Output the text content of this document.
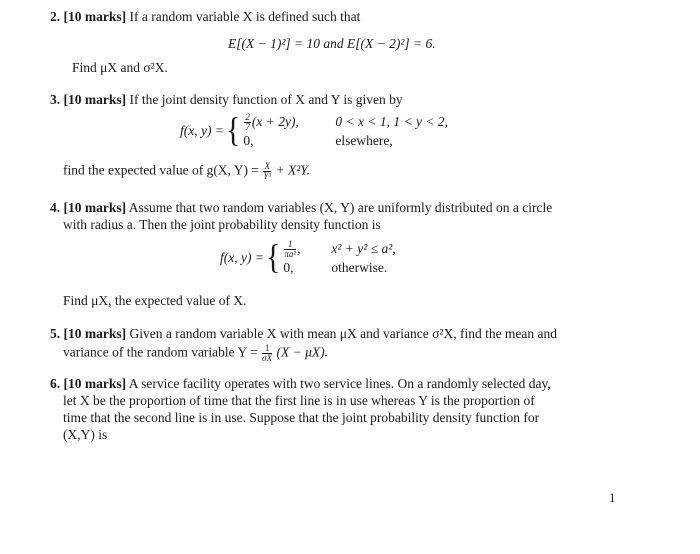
2. [10 marks] If a random variable X is defined such that
E[(X − 1)²] = 10 and E[(X − 2)²] = 6.
Find μX and σ²X.
3. [10 marks] If the joint density function of X and Y is given by
f(x, y) = { $\frac{2}{7} (x + 2y)$,	0 < x < 1, 1 < y < 2,
0,	elsewhere,
find the expected value of g(X, $Y) = \frac{X}{\text{Y³}} + X^2Y$.
4. [10 marks] Assume that two random variables (X, Y) are uniformly distributed on a circle
with radius a. Then the joint probability density function is
f(x, y) = { $\frac{1}{\text{πa²}}$ ,	x² + y² ≤ a²,
0,	otherwise.
Find μX, the expected value of X.
5. [10 marks] Given a random variable X with mean μX and variance σ²X, find the mean and
variance of the random variable $Y = \frac{1}{\sigma X} (X - \mu X)$.
6. [10 marks] A service facility operates with two service lines. On a randomly selected day,
let X be the proportion of time that the first line is in use whereas Y is the proportion of
time that the second line is in use. Suppose that the joint probability density function for
(X,Y) is
1
